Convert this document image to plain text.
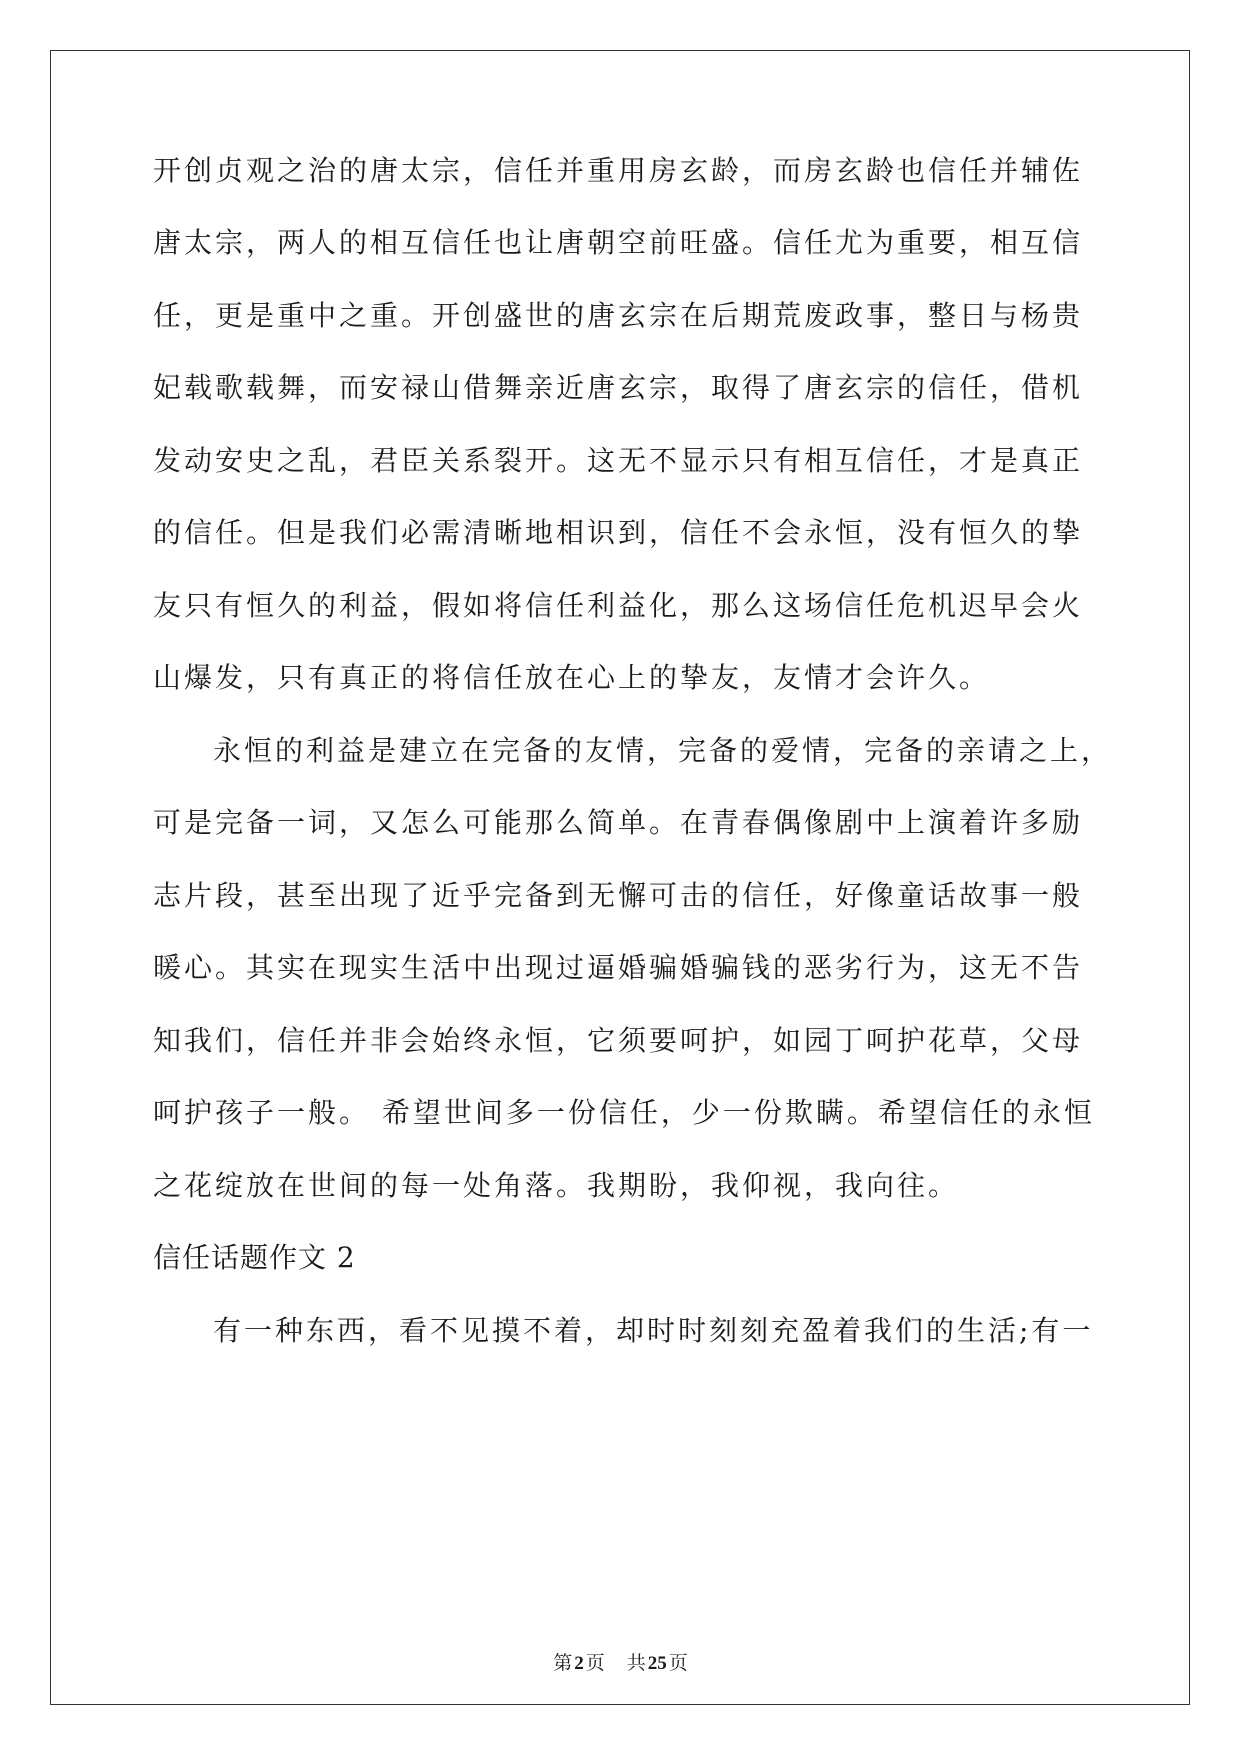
开创贞观之治的唐太宗，信任并重用房玄龄，而房玄龄也信任并辅佐
唐太宗，两人的相互信任也让唐朝空前旺盛。信任尤为重要，相互信
任，更是重中之重。开创盛世的唐玄宗在后期荒废政事，整日与杨贵
妃载歌载舞，而安禄山借舞亲近唐玄宗，取得了唐玄宗的信任，借机
发动安史之乱，君臣关系裂开。这无不显示只有相互信任，才是真正
的信任。但是我们必需清晰地相识到，信任不会永恒，没有恒久的挚
友只有恒久的利益，假如将信任利益化，那么这场信任危机迟早会火
山爆发，只有真正的将信任放在心上的挚友，友情才会许久。
永恒的利益是建立在完备的友情，完备的爱情，完备的亲请之上，
可是完备一词，又怎么可能那么简单。在青春偶像剧中上演着许多励
志片段，甚至出现了近乎完备到无懈可击的信任，好像童话故事一般
暖心。其实在现实生活中出现过逼婚骗婚骗钱的恶劣行为，这无不告
知我们，信任并非会始终永恒，它须要呵护，如园丁呵护花草，父母
呵护孩子一般。 希望世间多一份信任，少一份欺瞒。希望信任的永恒
之花绽放在世间的每一处角落。我期盼，我仰视，我向往。
信任话题作文 2
有一种东西，看不见摸不着，却时时刻刻充盈着我们的生活;有一
第 2 页 共 25 页
